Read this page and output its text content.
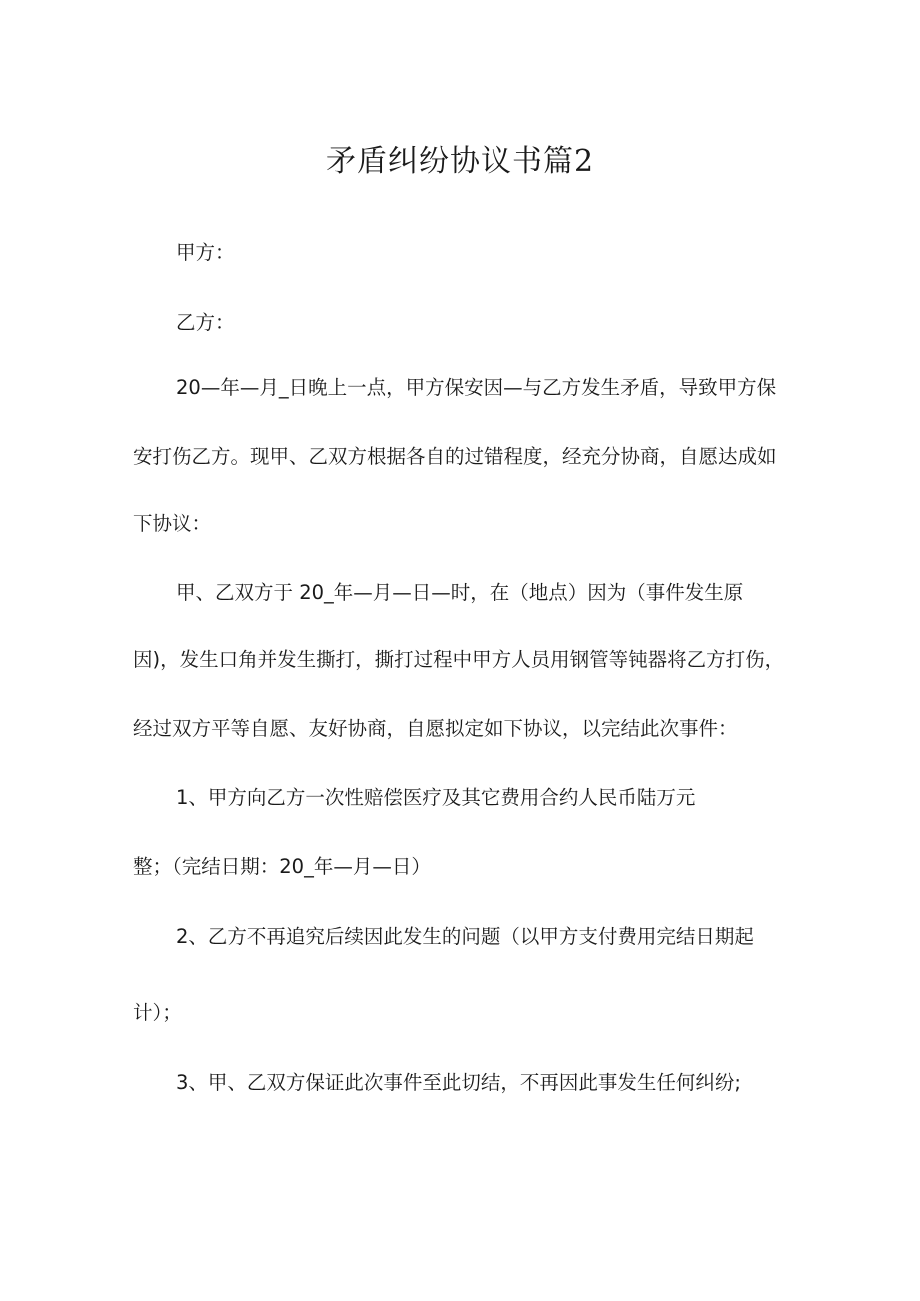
矛盾纠纷协议书篇2

甲方：

乙方：

20—年—月_日晚上一点，甲方保安因—与乙方发生矛盾，导致甲方保

安打伤乙方。现甲、乙双方根据各自的过错程度，经充分协商，自愿达成如

下协议：

甲、乙双方于 20_年—月—日—时，在（地点）因为（事件发生原

因)，发生口角并发生撕打，撕打过程中甲方人员用钢管等钝器将乙方打伤，

经过双方平等自愿、友好协商，自愿拟定如下协议，以完结此次事件：

1、甲方向乙方一次性赔偿医疗及其它费用合约人民币陆万元

整；（完结日期：20_年—月—日）

2、乙方不再追究后续因此发生的问题（以甲方支付费用完结日期起

计）；

3、甲、乙双方保证此次事件至此切结，不再因此事发生任何纠纷;
